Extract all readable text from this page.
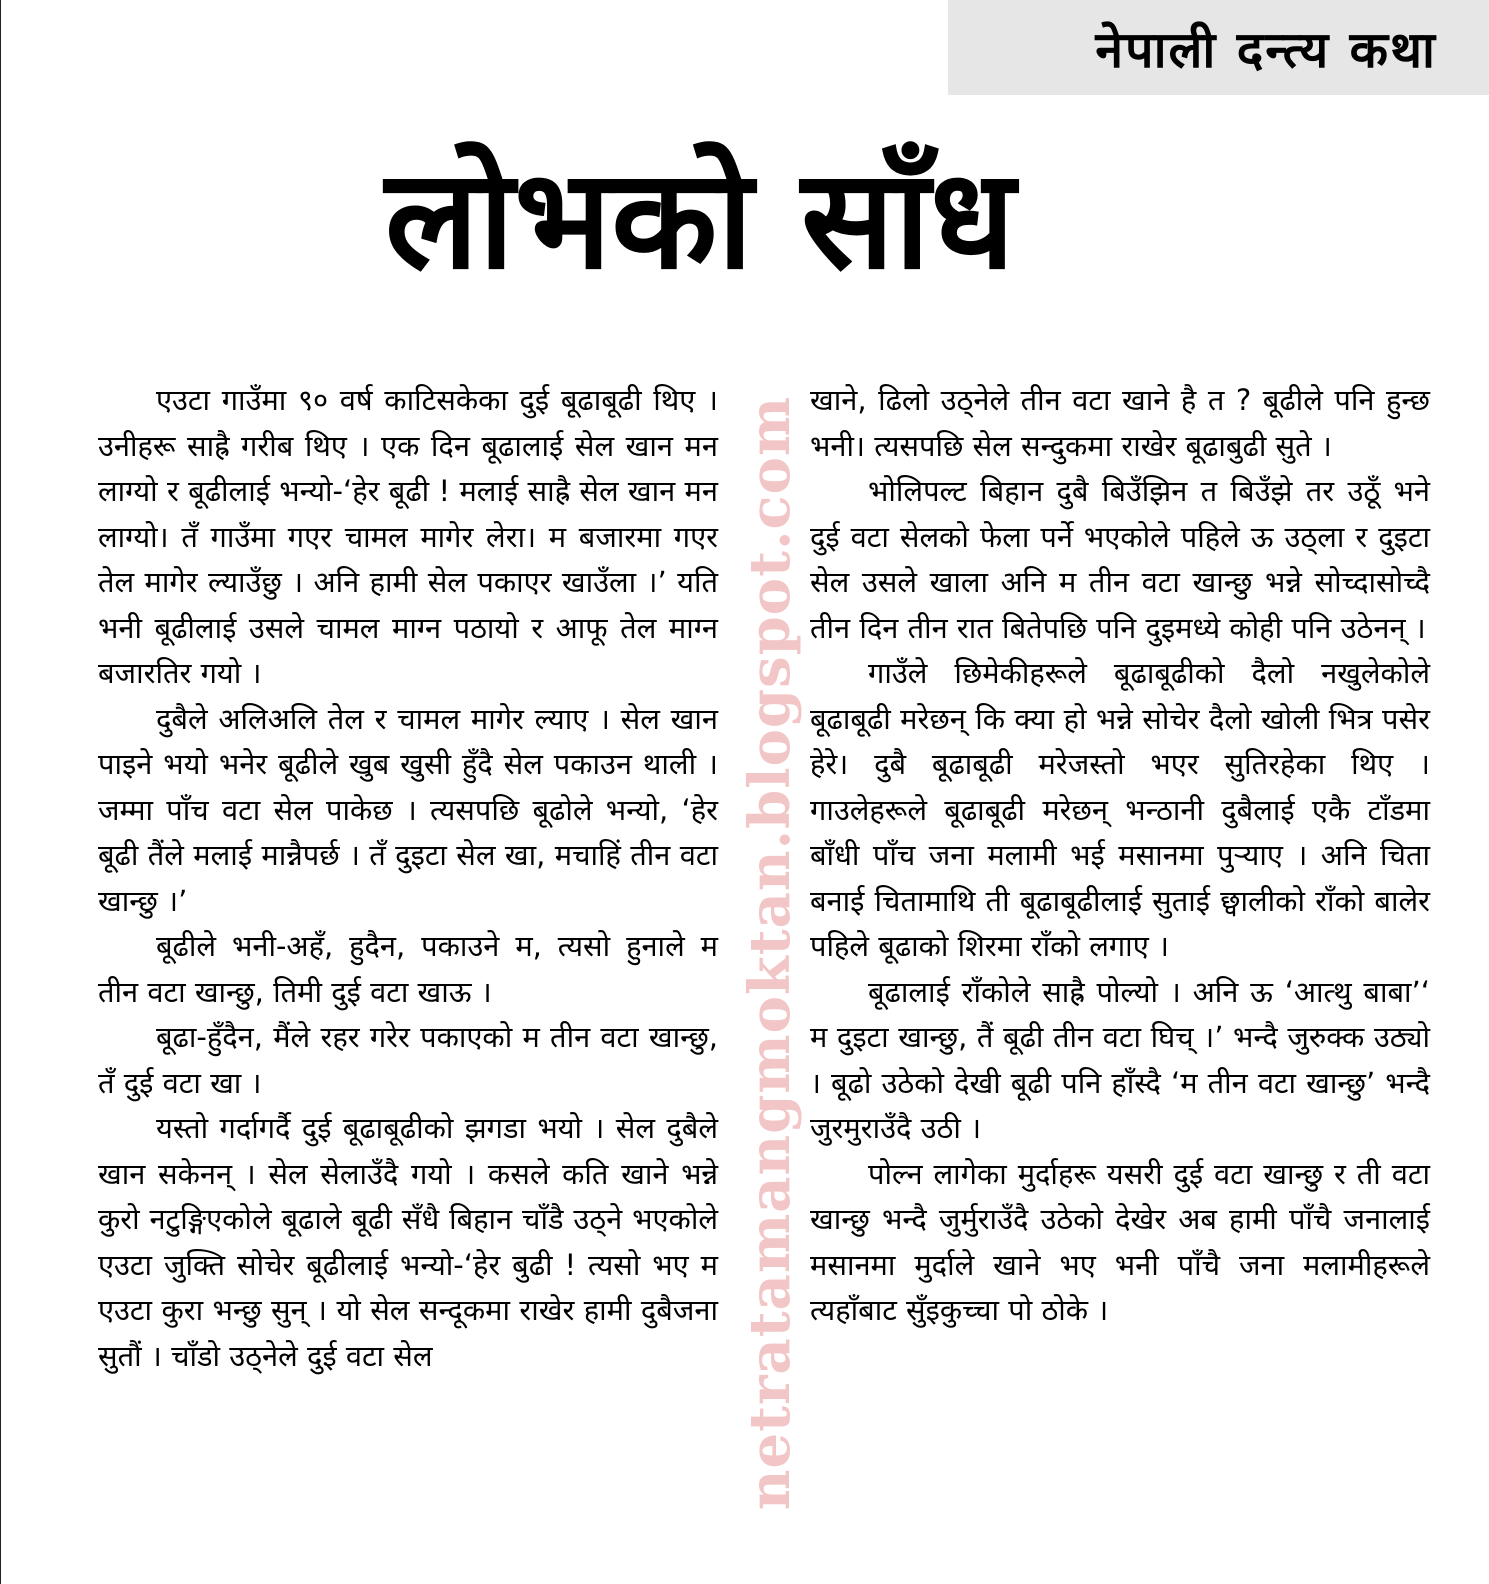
नेपाली दन्त्य कथा
लोभको साँध

एउटा गाउँमा ९० वर्ष काटिसकेका दुई बूढाबूढी थिए । उनीहरू साह्रै गरीब थिए । एक दिन बूढालाई सेल खान मन लाग्यो र बूढीलाई भन्यो-‘हेर बूढी ! मलाई साह्रै सेल खान मन लाग्यो। तँ गाउँमा गएर चामल मागेर लेरा। म बजारमा गएर तेल मागेर ल्याउँछु । अनि हामी सेल पकाएर खाउँला ।’ यति भनी बूढीलाई उसले चामल माग्न पठायो र आफू तेल माग्न बजारतिर गयो ।

दुबैले अलिअलि तेल र चामल मागेर ल्याए । सेल खान पाइने भयो भनेर बूढीले खुब खुसी हुँदै सेल पकाउन थाली । जम्मा पाँच वटा सेल पाकेछ । त्यसपछि बूढोले भन्यो, ‘हेर बूढी तैंले मलाई मान्नैपर्छ । तँ दुइटा सेल खा, मचाहिं तीन वटा खान्छु ।’

बूढीले भनी-अहँ, हुदैन, पकाउने म, त्यसो हुनाले म तीन वटा खान्छु, तिमी दुई वटा खाऊ ।

बूढा-हुँदैन, मैंले रहर गरेर पकाएको म तीन वटा खान्छु, तँ दुई वटा खा ।

यस्तो गर्दागर्दै दुई बूढाबूढीको झगडा भयो । सेल दुबैले खान सकेनन् । सेल सेलाउँदै गयो । कसले कति खाने भन्ने कुरो नटुङ्गिएकोले बूढाले बूढी सँधै बिहान चाँडै उठ्ने भएकोले एउटा जुक्ति सोचेर बूढीलाई भन्यो-‘हेर बुढी ! त्यसो भए म एउटा कुरा भन्छु सुन् । यो सेल सन्दूकमा राखेर हामी दुबैजना सुतौं । चाँडो उठ्नेले दुई वटा सेल	netratamangmoktan.blogspot.com खाने, ढिलो उठ्नेले तीन वटा खाने है त ? बूढीले पनि हुन्छ भनी। त्यसपछि सेल सन्दुकमा राखेर बूढाबुढी सुते ।

भोलिपल्ट बिहान दुबै बिउँझिन त बिउँझे तर उठूँ भने दुई वटा सेलको फेला पर्ने भएकोले पहिले ऊ उठ्ला र दुइटा सेल उसले खाला अनि म तीन वटा खान्छु भन्ने सोच्दासोच्दै तीन दिन तीन रात बितेपछि पनि दुइमध्ये कोही पनि उठेनन् ।

गाउँले छिमेकीहरूले बूढाबूढीको दैलो नखुलेकोले बूढाबूढी मरेछन् कि क्या हो भन्ने सोचेर दैलो खोली भित्र पसेर हेरे। दुबै बूढाबूढी मरेजस्तो भएर सुतिरहेका थिए । गाउलेहरूले बूढाबूढी मरेछन् भन्ठानी दुबैलाई एकै टाँडमा बाँधी पाँच जना मलामी भई मसानमा पुऱ्याए । अनि चिता बनाई चितामाथि ती बूढाबूढीलाई सुताई छ्वालीको राँको बालेर पहिले बूढाको शिरमा राँको लगाए ।

बूढालाई राँकोले साह्रै पोल्यो । अनि ऊ ‘आत्थु बाबा’‘ म दुइटा खान्छु, तैं बूढी तीन वटा घिच् ।’ भन्दै जुरुक्क उठ्यो । बूढो उठेको देखी बूढी पनि हाँस्दै ‘म तीन वटा खान्छु’ भन्दै जुरमुराउँदै उठी ।

पोल्न लागेका मुर्दाहरू यसरी दुई वटा खान्छु र ती वटा खान्छु भन्दै जुर्मुराउँदै उठेको देखेर अब हामी पाँचै जनालाई मसानमा मुर्दाले खाने भए भनी पाँचै जना मलामीहरूले त्यहाँबाट सुँइकुच्चा पो ठोके ।
